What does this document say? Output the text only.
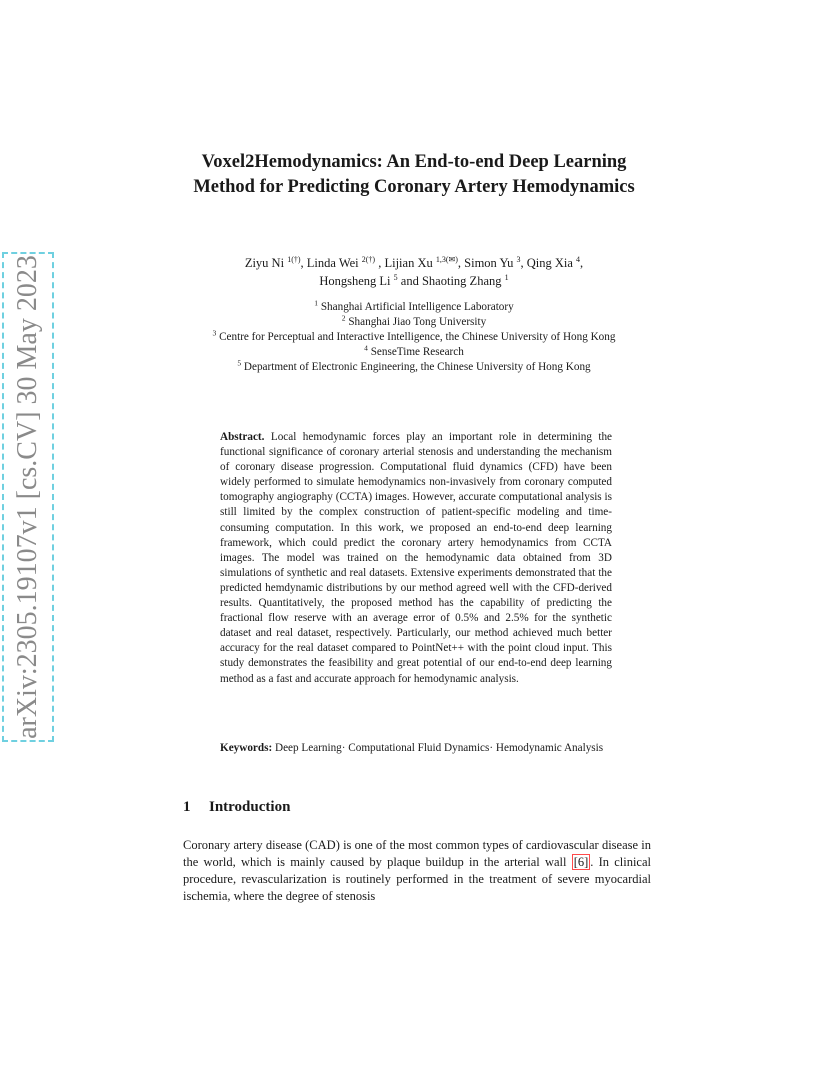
arXiv:2305.19107v1 [cs.CV] 30 May 2023
Voxel2Hemodynamics: An End-to-end Deep Learning Method for Predicting Coronary Artery Hemodynamics
Ziyu Ni $^{1(\dagger)}$, Linda Wei $^{2(\dagger)}$ , Lijian Xu $^{1,3(✉)}$, Simon Yu $^3$, Qing Xia $^4$,
Hongsheng Li $^5$ and Shaoting Zhang $^1$
$^1$ Shanghai Artificial Intelligence Laboratory
$^2$ Shanghai Jiao Tong University
$^3$ Centre for Perceptual and Interactive Intelligence, the Chinese University of Hong Kong
$^4$ SenseTime Research
$^5$ Department of Electronic Engineering, the Chinese University of Hong Kong
Abstract. Local hemodynamic forces play an important role in determining the functional significance of coronary arterial stenosis and understanding the mechanism of coronary disease progression. Computational fluid dynamics (CFD) have been widely performed to simulate hemodynamics non-invasively from coronary computed tomography angiography (CCTA) images. However, accurate computational analysis is still limited by the complex construction of patient-specific modeling and time-consuming computation. In this work, we proposed an end-to-end deep learning framework, which could predict the coronary artery hemodynamics from CCTA images. The model was trained on the hemodynamic data obtained from 3D simulations of synthetic and real datasets. Extensive experiments demonstrated that the predicted hemdynamic distributions by our method agreed well with the CFD-derived results. Quantitatively, the proposed method has the capability of predicting the fractional flow reserve with an average error of 0.5% and 2.5% for the synthetic dataset and real dataset, respectively. Particularly, our method achieved much better accuracy for the real dataset compared to PointNet++ with the point cloud input. This study demonstrates the feasibility and great potential of our end-to-end deep learning method as a fast and accurate approach for hemodynamic analysis.
Keywords: Deep Learning· Computational Fluid Dynamics· Hemodynamic Analysis
1 Introduction
Coronary artery disease (CAD) is one of the most common types of cardiovascular disease in the world, which is mainly caused by plaque buildup in the arterial wall [6] . In clinical procedure, revascularization is routinely performed in the treatment of severe myocardial ischemia, where the degree of stenosis
